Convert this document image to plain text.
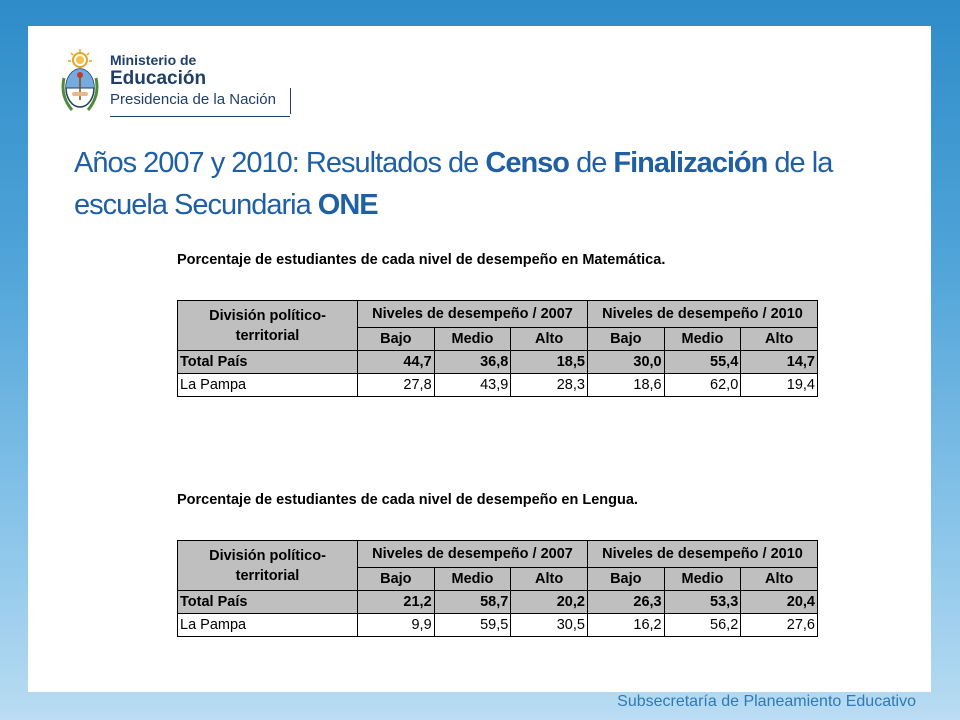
Ministerio de
Educación
Presidencia de la Nación
Años 2007 y 2010: Resultados de Censo de Finalización de la escuela Secundaria ONE
Porcentaje de estudiantes de cada nivel de desempeño en Matemática.
División político-territorial	Niveles de desempeño / 2007			Niveles de desempeño / 2010		
	Bajo	Medio	Alto	Bajo	Medio	Alto
Total País	44,7	36,8	18,5	30,0	55,4	14,7
La Pampa	27,8	43,9	28,3	18,6	62,0	19,4
Porcentaje de estudiantes de cada nivel de desempeño en Lengua.
División político-territorial	Niveles de desempeño / 2007			Niveles de desempeño / 2010		
	Bajo	Medio	Alto	Bajo	Medio	Alto
Total País	21,2	58,7	20,2	26,3	53,3	20,4
La Pampa	9,9	59,5	30,5	16,2	56,2	27,6
Subsecretaría de Planeamiento Educativo
